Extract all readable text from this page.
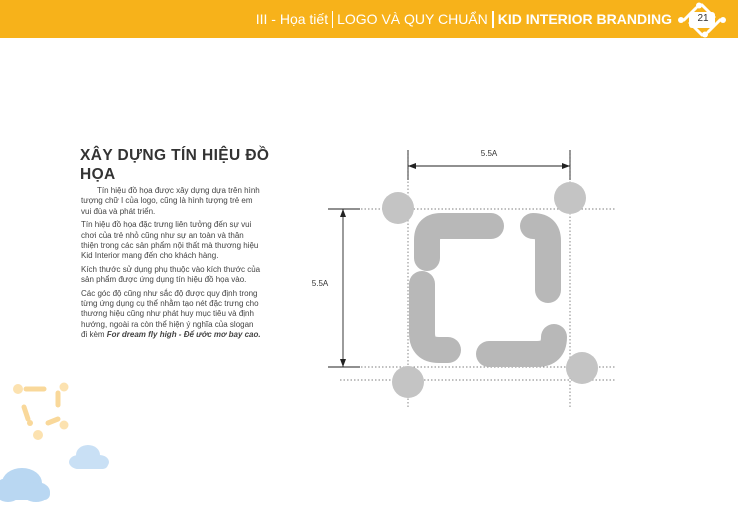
III - Họa tiết LOGO VÀ QUY CHUẨN KID INTERIOR BRANDING	21
XÂY DỰNG TÍN HIỆU ĐỒ HỌA

Tín hiệu đồ họa được xây dựng dựa trên hình tượng chữ I của logo, cũng là hình tượng trẻ em vui đùa và phát triển.

Tín hiệu đồ họa đặc trưng liên tưởng đến sự vui chơi của trẻ nhỏ cũng như sự an toàn và thân thiện trong các sản phẩm nội thất mà thương hiệu Kid Interior mang đến cho khách hàng.

Kích thước sử dụng phụ thuộc vào kích thước của sản phẩm được ứng dụng tín hiệu đồ họa vào.

Các góc độ cũng như sắc độ được quy định trong từng ứng dụng cụ thể nhằm tạo nét đặc trưng cho thương hiệu cũng như phát huy mục tiêu và định hướng, ngoài ra còn thể hiện ý nghĩa của slogan đi kèm For dream fly high - Để ước mơ bay cao.

5.5A
5.5A
